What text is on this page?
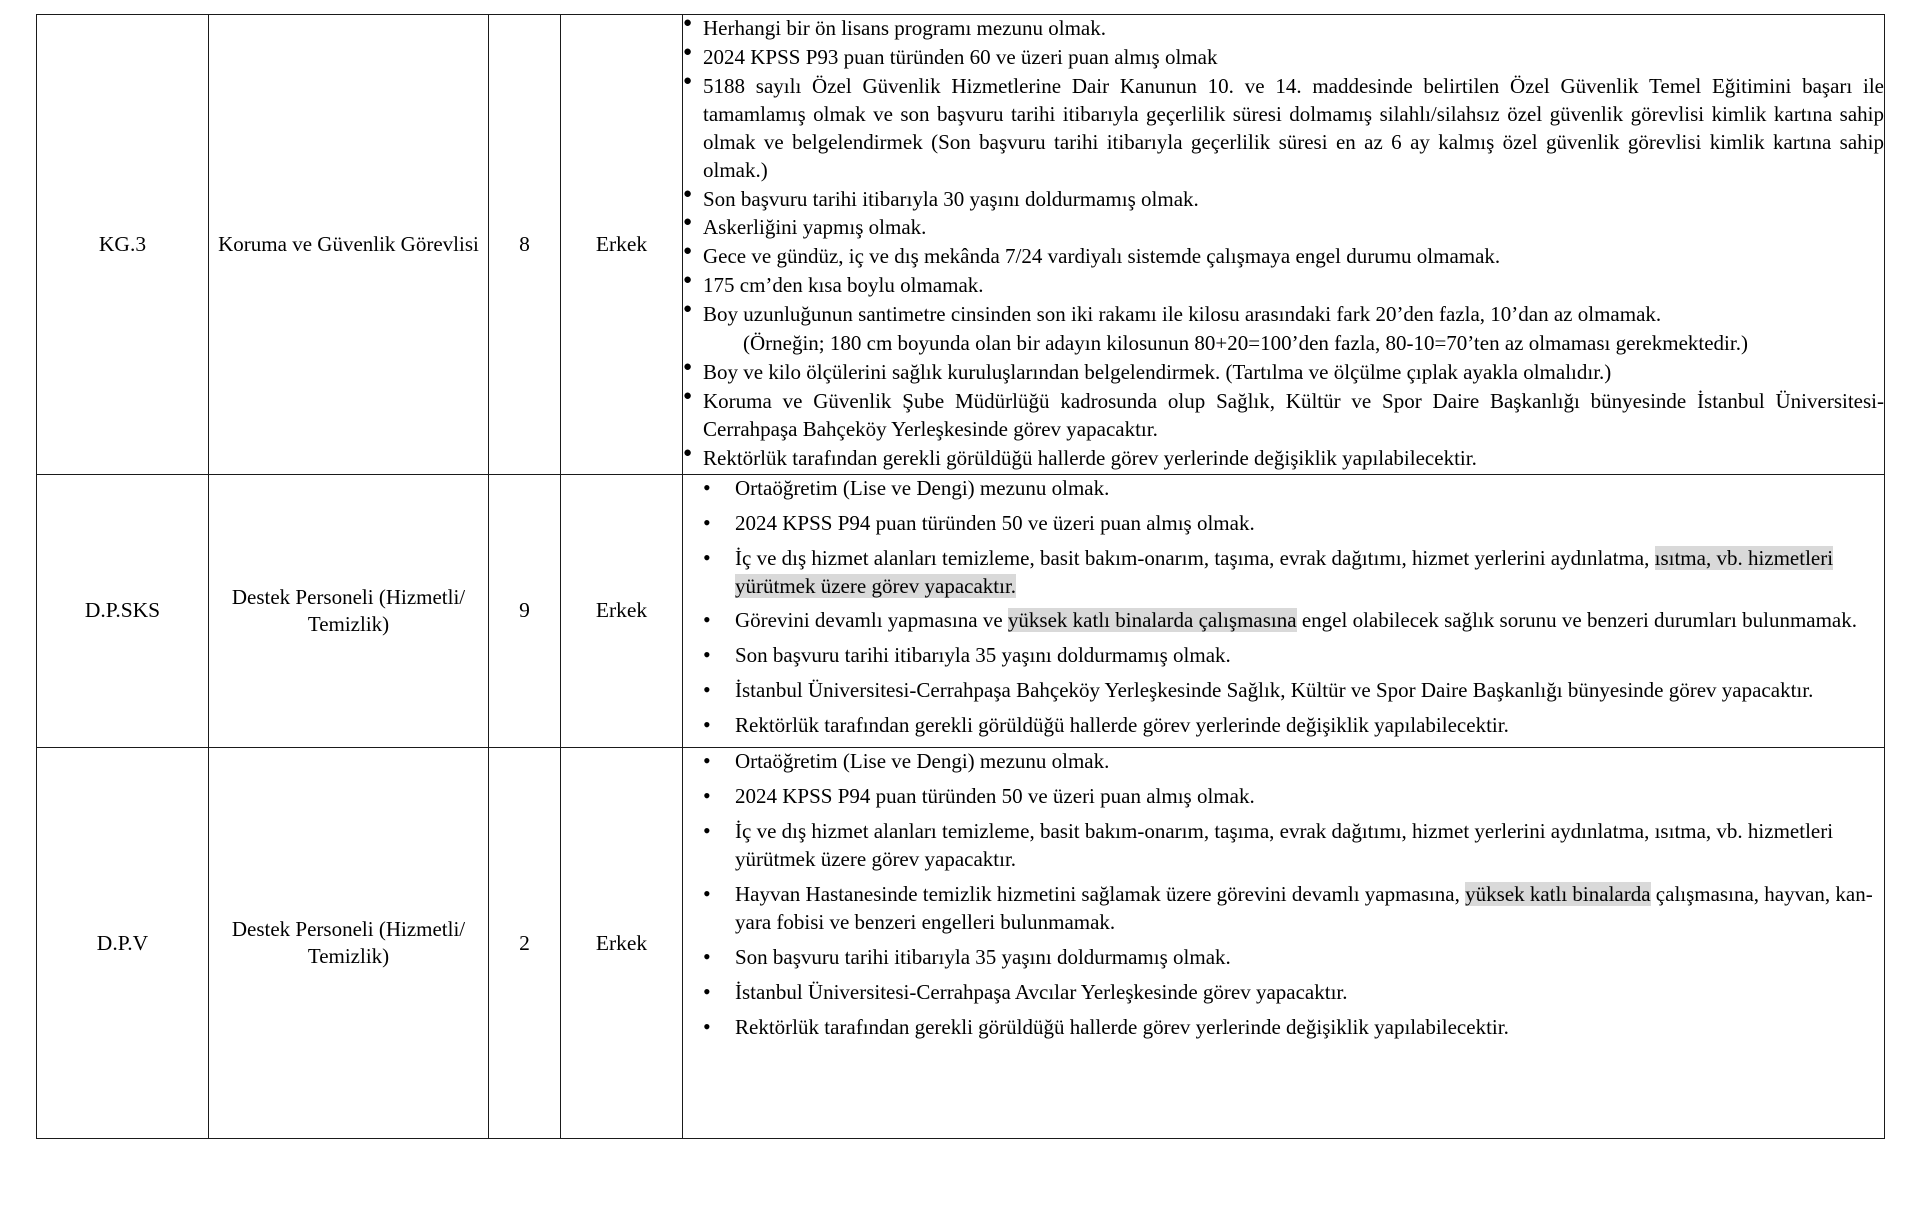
KG.3	Koruma ve Güvenlik Görevlisi	8	Erkek	
● Herhangi bir ön lisans programı mezunu olmak.
● 2024 KPSS P93 puan türünden 60 ve üzeri puan almış olmak
● 5188 sayılı Özel Güvenlik Hizmetlerine Dair Kanunun 10. ve 14. maddesinde belirtilen Özel Güvenlik Temel Eğitimini başarı ile tamamlamış olmak ve son başvuru tarihi itibarıyla geçerlilik süresi dolmamış silahlı/silahsız özel güvenlik görevlisi kimlik kartına sahip olmak ve belgelendirmek (Son başvuru tarihi itibarıyla geçerlilik süresi en az 6 ay kalmış özel güvenlik görevlisi kimlik kartına sahip olmak.)
● Son başvuru tarihi itibarıyla 30 yaşını doldurmamış olmak.
● Askerliğini yapmış olmak.
● Gece ve gündüz, iç ve dış mekânda 7/24 vardiyalı sistemde çalışmaya engel durumu olmamak.
● 175 cm’den kısa boylu olmamak.
● Boy uzunluğunun santimetre cinsinden son iki rakamı ile kilosu arasındaki fark 20’den fazla, 10’dan az olmamak.
(Örneğin; 180 cm boyunda olan bir adayın kilosunun 80+20=100’den fazla, 80-10=70’ten az olmaması gerekmektedir.)
● Boy ve kilo ölçülerini sağlık kuruluşlarından belgelendirmek. (Tartılma ve ölçülme çıplak ayakla olmalıdır.)
● Koruma ve Güvenlik Şube Müdürlüğü kadrosunda olup Sağlık, Kültür ve Spor Daire Başkanlığı bünyesinde İstanbul Üniversitesi-Cerrahpaşa Bahçeköy Yerleşkesinde görev yapacaktır.
● Rektörlük tarafından gerekli görüldüğü hallerde görev yerlerinde değişiklik yapılabilecektir.

D.P.SKS	Destek Personeli (Hizmetli/ Temizlik)	9	Erkek	
• Ortaöğretim (Lise ve Dengi) mezunu olmak.
• 2024 KPSS P94 puan türünden 50 ve üzeri puan almış olmak.
• İç ve dış hizmet alanları temizleme, basit bakım-onarım, taşıma, evrak dağıtımı, hizmet yerlerini aydınlatma, ısıtma, vb. hizmetleri yürütmek üzere görev yapacaktır.
• Görevini devamlı yapmasına ve yüksek katlı binalarda çalışmasına engel olabilecek sağlık sorunu ve benzeri durumları bulunmamak.
• Son başvuru tarihi itibarıyla 35 yaşını doldurmamış olmak.
• İstanbul Üniversitesi-Cerrahpaşa Bahçeköy Yerleşkesinde Sağlık, Kültür ve Spor Daire Başkanlığı bünyesinde görev yapacaktır.
• Rektörlük tarafından gerekli görüldüğü hallerde görev yerlerinde değişiklik yapılabilecektir.

D.P.V	Destek Personeli (Hizmetli/ Temizlik)	2	Erkek	
• Ortaöğretim (Lise ve Dengi) mezunu olmak.
• 2024 KPSS P94 puan türünden 50 ve üzeri puan almış olmak.
• İç ve dış hizmet alanları temizleme, basit bakım-onarım, taşıma, evrak dağıtımı, hizmet yerlerini aydınlatma, ısıtma, vb. hizmetleri yürütmek üzere görev yapacaktır.
• Hayvan Hastanesinde temizlik hizmetini sağlamak üzere görevini devamlı yapmasına, yüksek katlı binalarda çalışmasına, hayvan, kan-yara fobisi ve benzeri engelleri bulunmamak.
• Son başvuru tarihi itibarıyla 35 yaşını doldurmamış olmak.
• İstanbul Üniversitesi-Cerrahpaşa Avcılar Yerleşkesinde görev yapacaktır.
• Rektörlük tarafından gerekli görüldüğü hallerde görev yerlerinde değişiklik yapılabilecektir.
